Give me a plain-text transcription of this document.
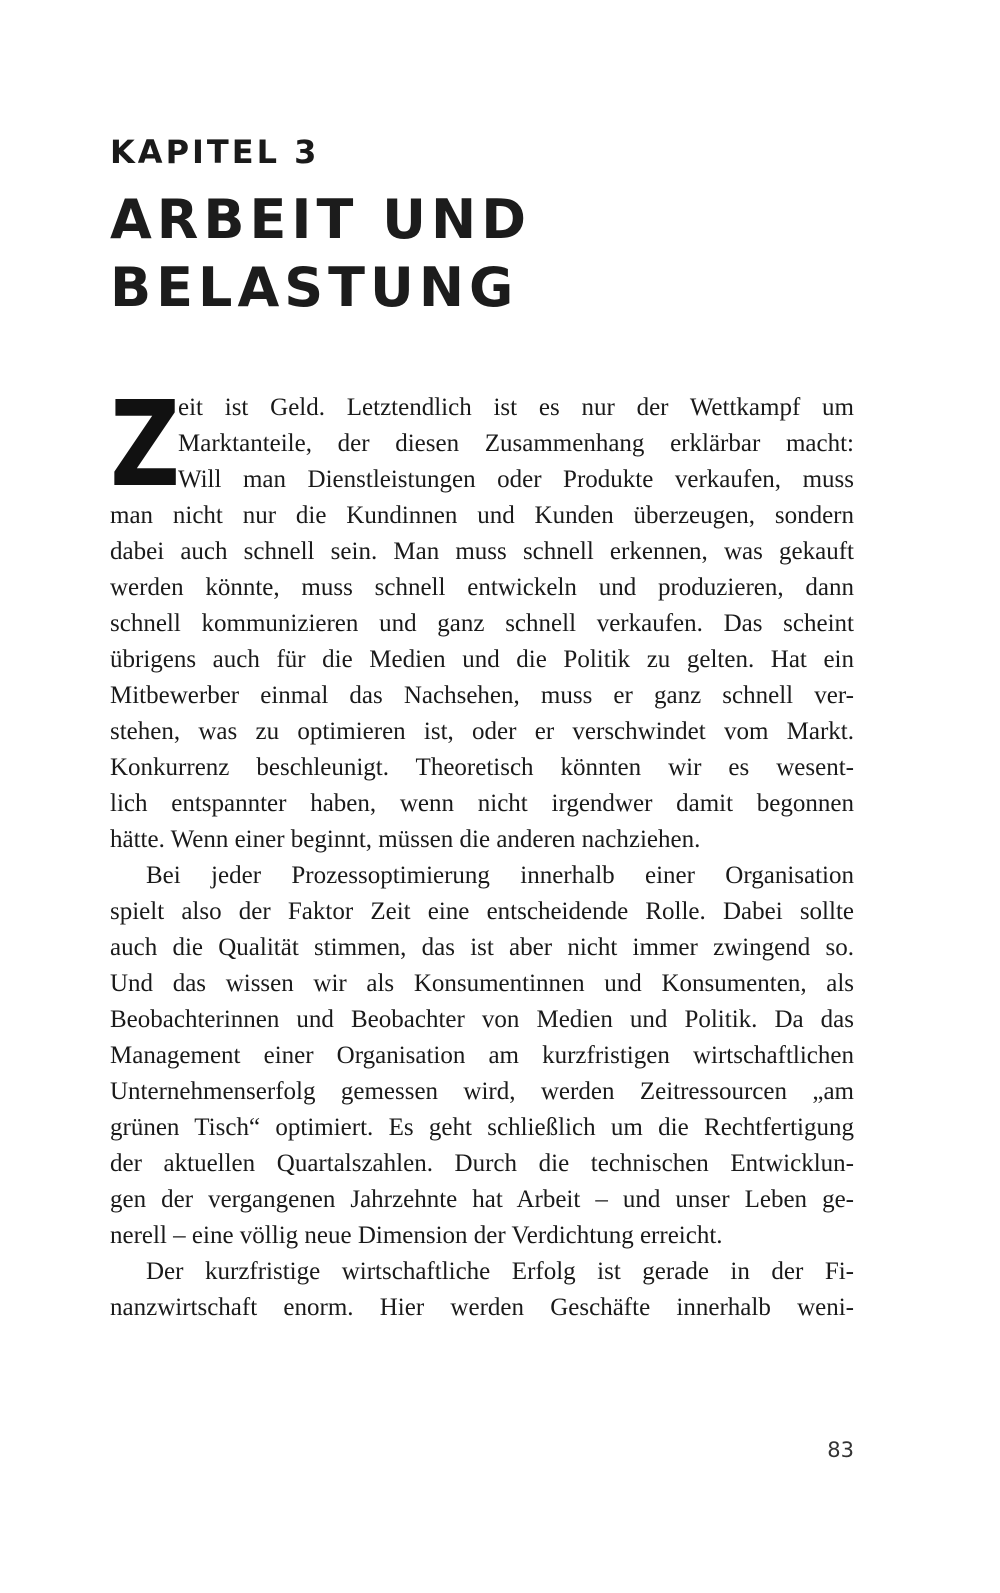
KAPITEL 3
ARBEIT UND
BELASTUNG

Z
eit ist Geld. Letztendlich ist es nur der Wettkampf um
Marktanteile, der diesen Zusammenhang erklärbar macht:
Will man Dienstleistungen oder Produkte verkaufen, muss
man nicht nur die Kundinnen und Kunden überzeugen, sondern
dabei auch schnell sein. Man muss schnell erkennen, was gekauft
werden könnte, muss schnell entwickeln und produzieren, dann
schnell kommunizieren und ganz schnell verkaufen. Das scheint
übrigens auch für die Medien und die Politik zu gelten. Hat ein
Mitbewerber einmal das Nachsehen, muss er ganz schnell ver-
stehen, was zu optimieren ist, oder er verschwindet vom Markt.
Konkurrenz beschleunigt. Theoretisch könnten wir es wesent-
lich entspannter haben, wenn nicht irgendwer damit begonnen
hätte. Wenn einer beginnt, müssen die anderen nachziehen.

Bei jeder Prozessoptimierung innerhalb einer Organisation
spielt also der Faktor Zeit eine entscheidende Rolle. Dabei sollte
auch die Qualität stimmen, das ist aber nicht immer zwingend so.
Und das wissen wir als Konsumentinnen und Konsumenten, als
Beobachterinnen und Beobachter von Medien und Politik. Da das
Management einer Organisation am kurzfristigen wirtschaftlichen
Unternehmenserfolg gemessen wird, werden Zeitressourcen „am
grünen Tisch“ optimiert. Es geht schließlich um die Rechtfertigung
der aktuellen Quartalszahlen. Durch die technischen Entwicklun-
gen der vergangenen Jahrzehnte hat Arbeit – und unser Leben ge-
nerell – eine völlig neue Dimension der Verdichtung erreicht.

Der kurzfristige wirtschaftliche Erfolg ist gerade in der Fi-
nanzwirtschaft enorm. Hier werden Geschäfte innerhalb weni-

83
